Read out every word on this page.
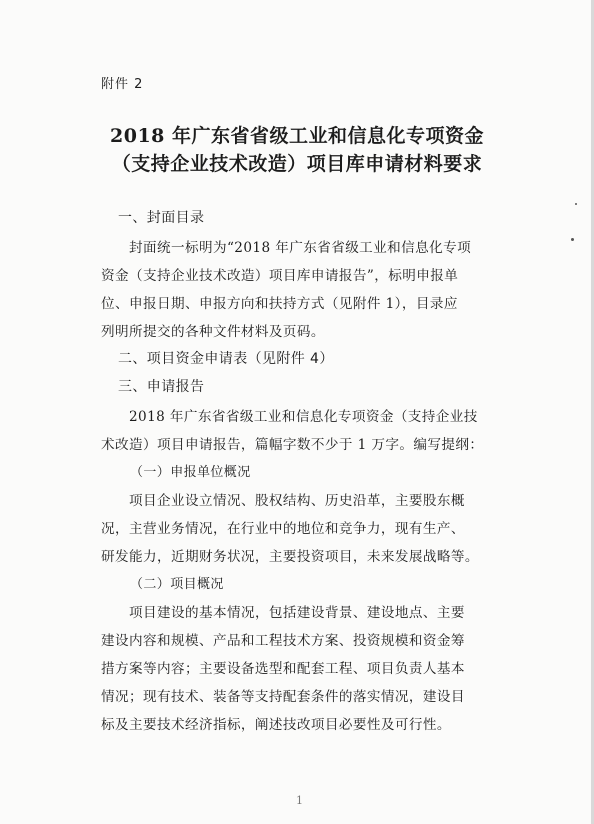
附件 2
2018 年广东省省级工业和信息化专项资金
（支持企业技术改造）项目库申请材料要求
一、封面目录
封面统一标明为“2018 年广东省省级工业和信息化专项
资金（支持企业技术改造）项目库申请报告”，标明申报单
位、申报日期、申报方向和扶持方式（见附件 1），目录应
列明所提交的各种文件材料及页码。
二、项目资金申请表（见附件 4）
三、申请报告
2018 年广东省省级工业和信息化专项资金（支持企业技
术改造）项目申请报告，篇幅字数不少于 1 万字。编写提纲：
（一）申报单位概况
项目企业设立情况、股权结构、历史沿革，主要股东概
况，主营业务情况，在行业中的地位和竞争力，现有生产、
研发能力，近期财务状况，主要投资项目，未来发展战略等。
（二）项目概况
项目建设的基本情况，包括建设背景、建设地点、主要
建设内容和规模、产品和工程技术方案、投资规模和资金筹
措方案等内容；主要设备选型和配套工程、项目负责人基本
情况；现有技术、装备等支持配套条件的落实情况，建设目
标及主要技术经济指标，阐述技改项目必要性及可行性。
1
